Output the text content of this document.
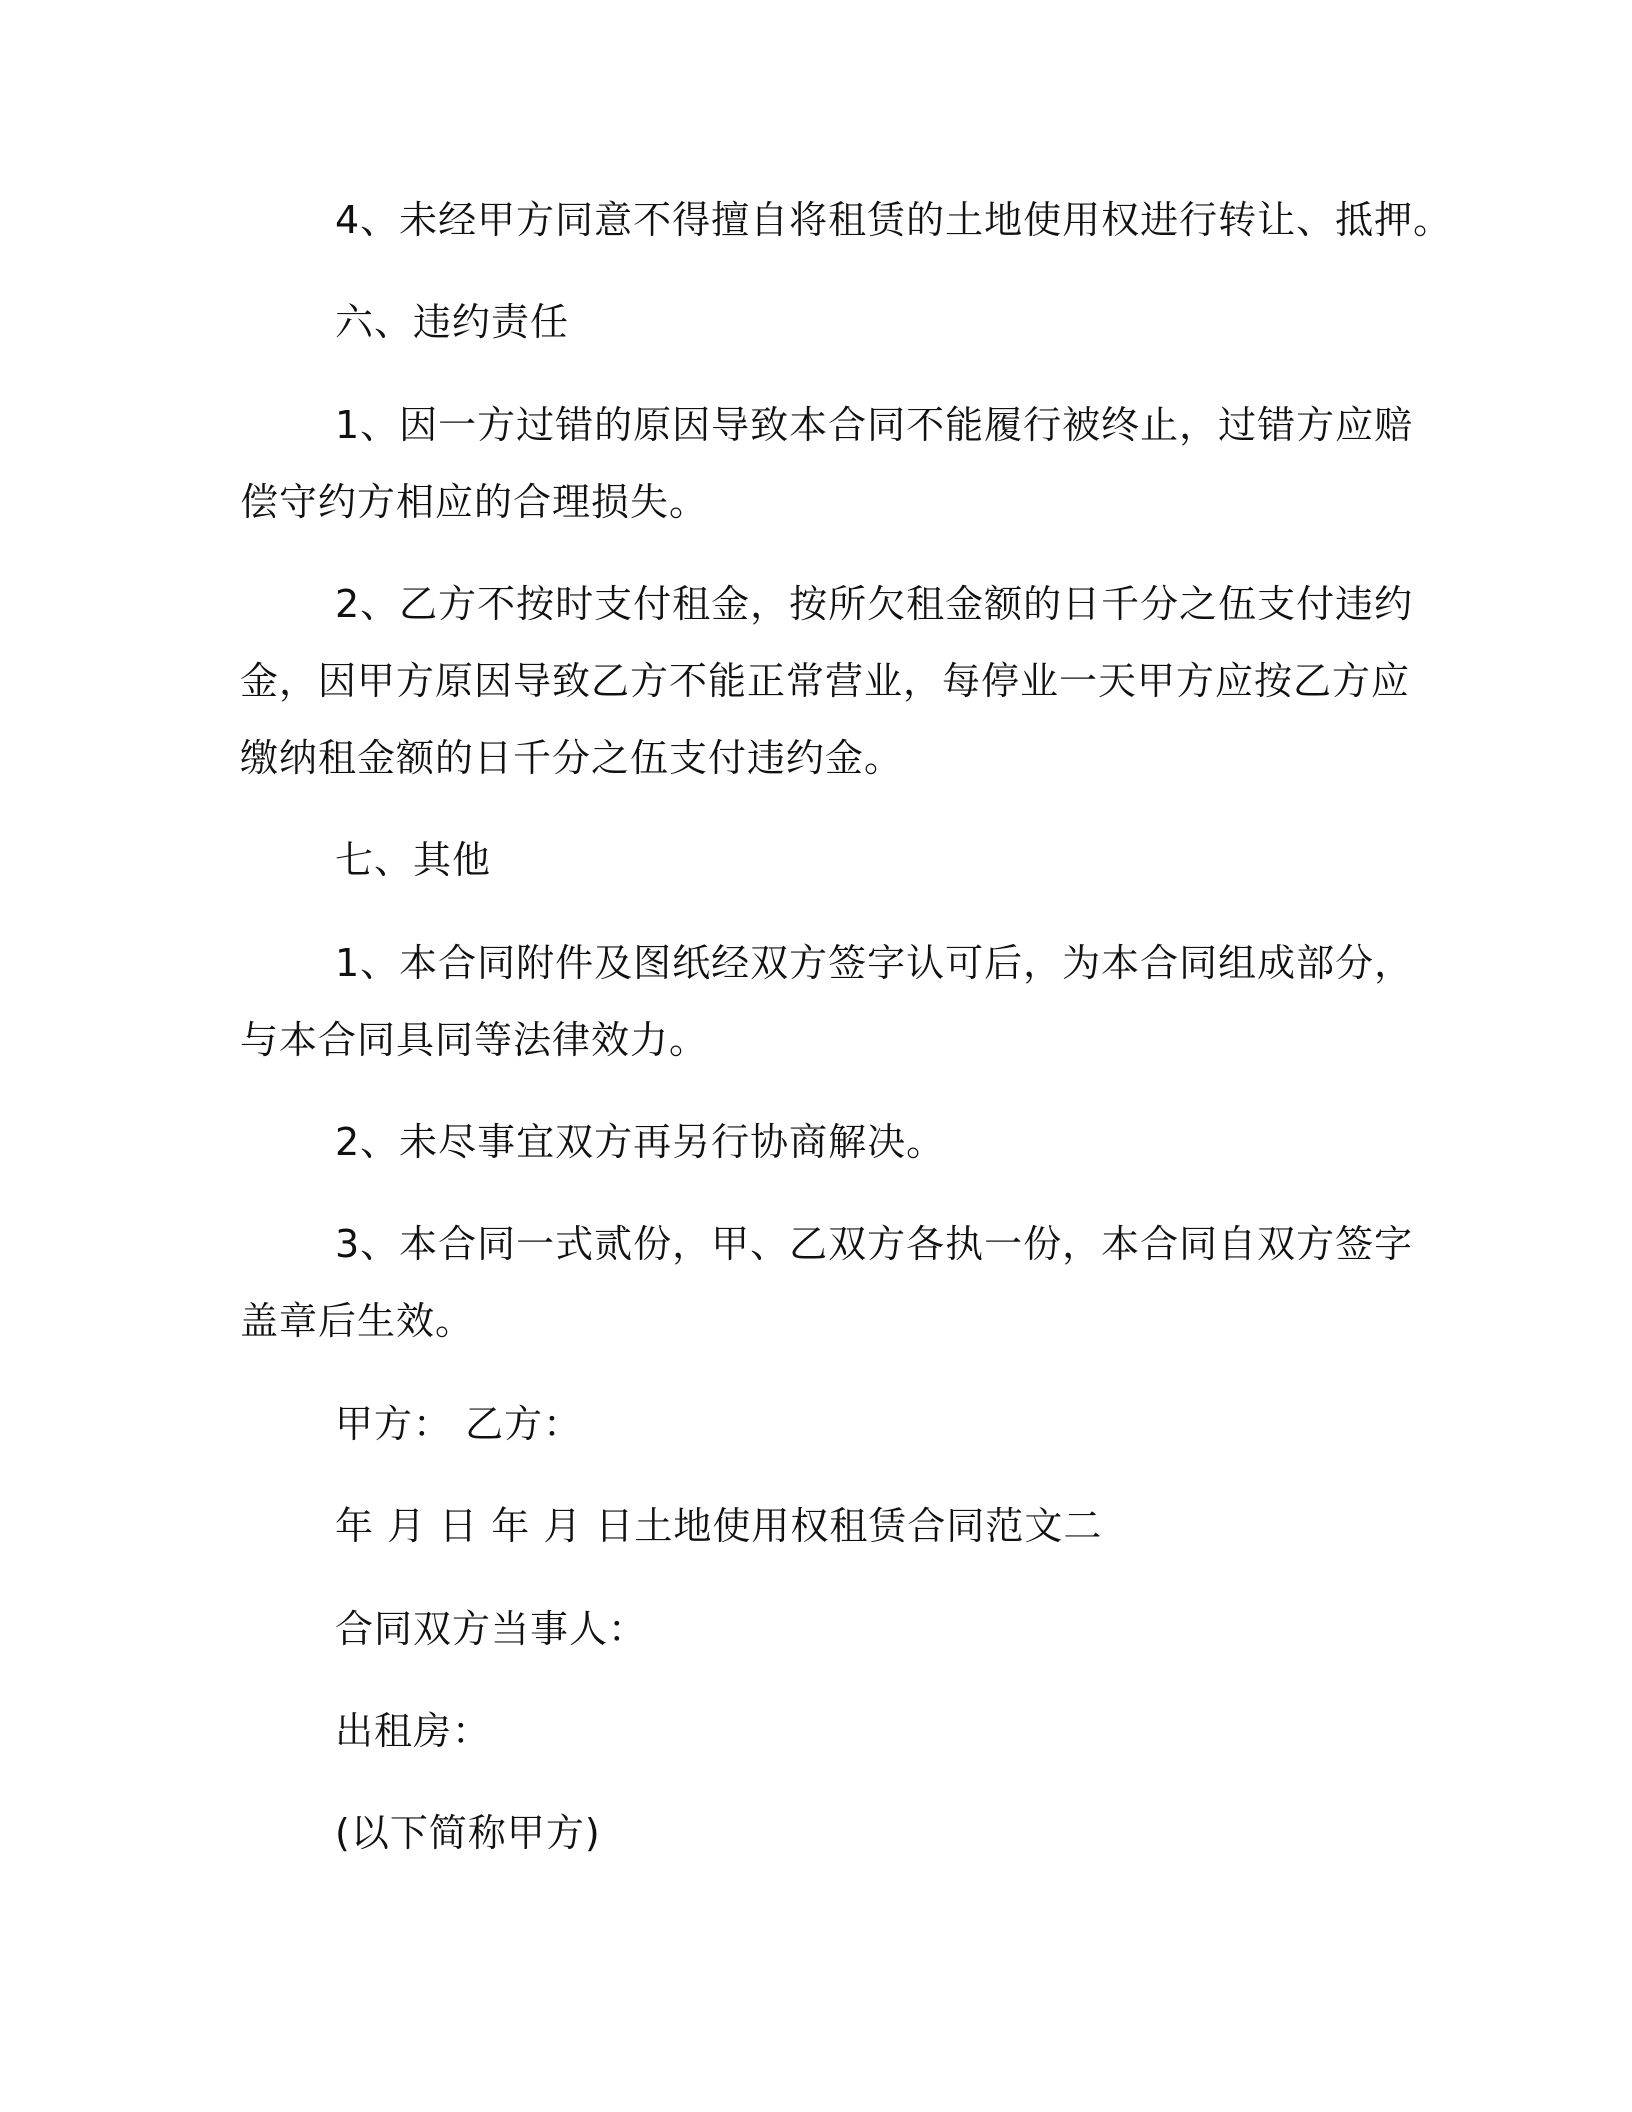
4、未经甲方同意不得擅自将租赁的土地使用权进行转让、抵押。
六、违约责任
1、因一方过错的原因导致本合同不能履行被终止，过错方应赔
偿守约方相应的合理损失。
2、乙方不按时支付租金，按所欠租金额的日千分之伍支付违约
金，因甲方原因导致乙方不能正常营业，每停业一天甲方应按乙方应
缴纳租金额的日千分之伍支付违约金。
七、其他
1、本合同附件及图纸经双方签字认可后，为本合同组成部分，
与本合同具同等法律效力。
2、未尽事宜双方再另行协商解决。
3、本合同一式贰份，甲、乙双方各执一份，本合同自双方签字
盖章后生效。
甲方： 乙方：
年 月 日 年 月 日土地使用权租赁合同范文二
合同双方当事人：
出租房：
(以下简称甲方)
